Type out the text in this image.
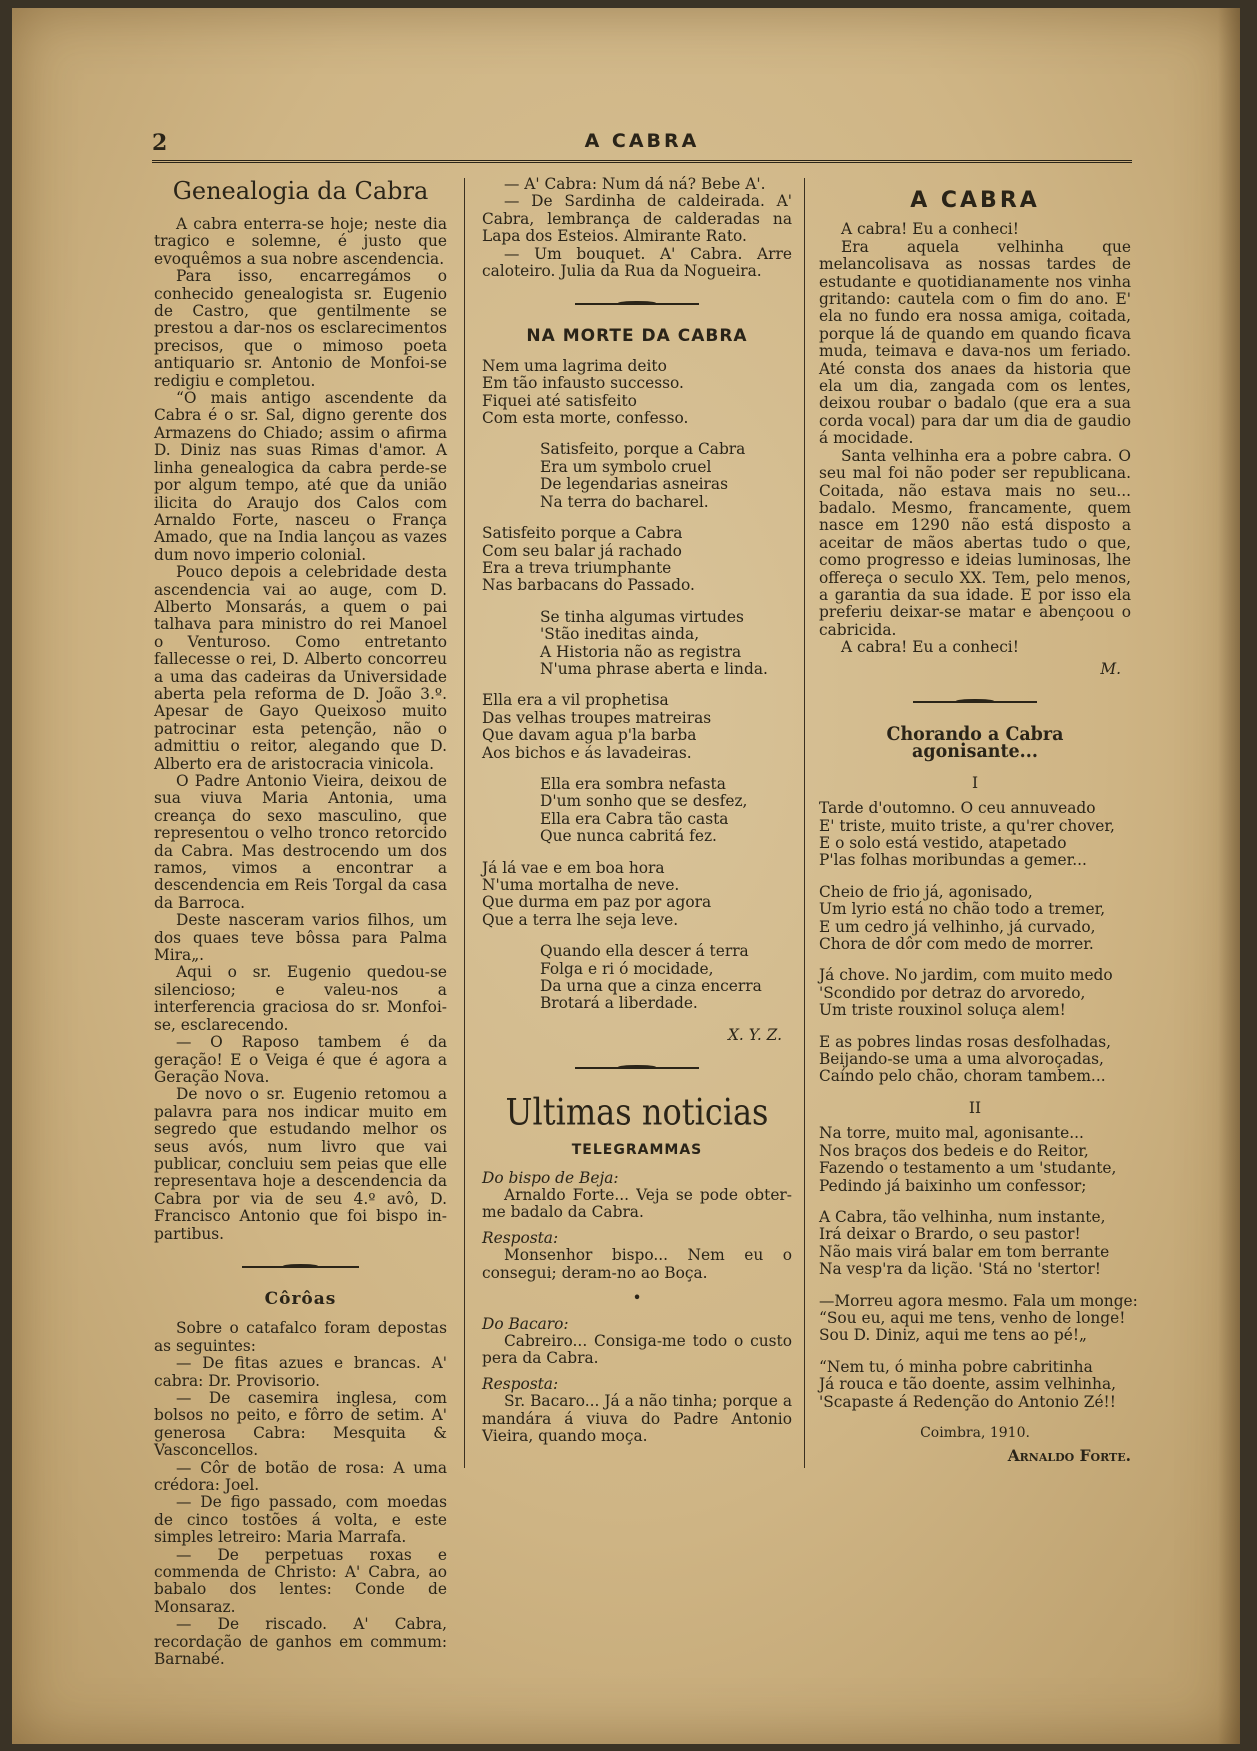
2	A CABRA
Genealogia da Cabra

A cabra enterra-se hoje; neste dia tragico e solemne, é justo que evoquêmos a sua nobre ascendencia.

Para isso, encarregámos o conhecido genealogista sr. Eugenio de Castro, que gentilmente se prestou a dar-nos os esclarecimentos precisos, que o mimoso poeta antiquario sr. Antonio de Monfoi-se redigiu e completou.

“O mais antigo ascendente da Cabra é o sr. Sal, digno gerente dos Armazens do Chiado; assim o afirma D. Diniz nas suas Rimas d'amor. A linha genealogica da cabra perde-se por algum tempo, até que da união ilicita do Araujo dos Calos com Arnaldo Forte, nasceu o França Amado, que na India lançou as vazes dum novo imperio colonial.

Pouco depois a celebridade desta ascendencia vai ao auge, com D. Alberto Monsarás, a quem o pai talhava para ministro do rei Manoel o Venturoso. Como entretanto fallecesse o rei, D. Alberto concorreu a uma das cadeiras da Universidade aberta pela reforma de D. João 3.º. Apesar de Gayo Queixoso muito patrocinar esta petenção, não o admittiu o reitor, alegando que D. Alberto era de aristocracia vinicola.

O Padre Antonio Vieira, deixou de sua viuva Maria Antonia, uma creança do sexo masculino, que representou o velho tronco retorcido da Cabra. Mas destrocendo um dos ramos, vimos a encontrar a descendencia em Reis Torgal da casa da Barroca.

Deste nasceram varios filhos, um dos quaes teve bôssa para Palma Mira„.

Aqui o sr. Eugenio quedou-se silencioso; e valeu-nos a interferencia graciosa do sr. Monfoi-se, esclarecendo.

— O Raposo tambem é da geração! E o Veiga é que é agora a Geração Nova.

De novo o sr. Eugenio retomou a palavra para nos indicar muito em segredo que estudando melhor os seus avós, num livro que vai publicar, concluiu sem peias que elle representava hoje a descendencia da Cabra por via de seu 4.º avô, D. Francisco Antonio que foi bispo in-partibus.

Côrôas

Sobre o catafalco foram depostas as seguintes:

— De fitas azues e brancas. A' cabra: Dr. Provisorio.

— De casemira inglesa, com bolsos no peito, e fôrro de setim. A' generosa Cabra: Mesquita & Vasconcellos.

— Côr de botão de rosa: A uma crédora: Joel.

— De figo passado, com moedas de cinco tostões á volta, e este simples letreiro: Maria Marrafa.

— De perpetuas roxas e commenda de Christo: A' Cabra, ao babalo dos lentes: Conde de Monsaraz.

— De riscado. A' Cabra, recordação de ganhos em commum: Barnabé.

— A' Cabra: Num dá ná? Bebe A'.

— De Sardinha de caldeirada. A' Cabra, lembrança de calderadas na Lapa dos Esteios. Almirante Rato.

— Um bouquet. A' Cabra. Arre caloteiro. Julia da Rua da Nogueira.

NA MORTE DA CABRA
Nem uma lagrima deito
Em tão infausto successo.
Fiquei até satisfeito
Com esta morte, confesso.
Satisfeito, porque a Cabra
Era um symbolo cruel
De legendarias asneiras
Na terra do bacharel.
Satisfeito porque a Cabra
Com seu balar já rachado
Era a treva triumphante
Nas barbacans do Passado.
Se tinha algumas virtudes
'Stão ineditas ainda,
A Historia não as registra
N'uma phrase aberta e linda.
Ella era a vil prophetisa
Das velhas troupes matreiras
Que davam agua p'la barba
Aos bichos e ás lavadeiras.
Ella era sombra nefasta
D'um sonho que se desfez,
Ella era Cabra tão casta
Que nunca cabritá fez.
Já lá vae e em boa hora
N'uma mortalha de neve.
Que durma em paz por agora
Que a terra lhe seja leve.
Quando ella descer á terra
Folga e ri ó mocidade,
Da urna que a cinza encerra
Brotará a liberdade.
X. Y. Z.
Ultimas noticias
TELEGRAMMAS

Do bispo de Beja:

Arnaldo Forte... Veja se pode obter-me badalo da Cabra.

Resposta:

Monsenhor bispo... Nem eu o consegui; deram-no ao Boça.

•

Do Bacaro:

Cabreiro... Consiga-me todo o custo pera da Cabra.

Resposta:

Sr. Bacaro... Já a não tinha; porque a mandára á viuva do Padre Antonio Vieira, quando moça.

A CABRA

A cabra! Eu a conheci!

Era aquela velhinha que melancolisava as nossas tardes de estudante e quotidianamente nos vinha gritando: cautela com o fim do ano. E' ela no fundo era nossa amiga, coitada, porque lá de quando em quando ficava muda, teimava e dava-nos um feriado. Até consta dos anaes da historia que ela um dia, zangada com os lentes, deixou roubar o badalo (que era a sua corda vocal) para dar um dia de gaudio á mocidade.

Santa velhinha era a pobre cabra. O seu mal foi não poder ser republicana. Coitada, não estava mais no seu... badalo. Mesmo, francamente, quem nasce em 1290 não está disposto a aceitar de mãos abertas tudo o que, como progresso e ideias luminosas, lhe offereça o seculo XX. Tem, pelo menos, a garantia da sua idade. E por isso ela preferiu deixar-se matar e abençoou o cabricida.

A cabra! Eu a conheci!

M.
Chorando a Cabra agonisante...
I
Tarde d'outomno. O ceu annuveado
E' triste, muito triste, a qu'rer chover,
E o solo está vestido, atapetado
P'las folhas moribundas a gemer...
Cheio de frio já, agonisado,
Um lyrio está no chão todo a tremer,
E um cedro já velhinho, já curvado,
Chora de dôr com medo de morrer.
Já chove. No jardim, com muito medo
'Scondido por detraz do arvoredo,
Um triste rouxinol soluça alem!
E as pobres lindas rosas desfolhadas,
Beijando-se uma a uma alvoroçadas,
Caíndo pelo chão, choram tambem...
II
Na torre, muito mal, agonisante...
Nos braços dos bedeis e do Reitor,
Fazendo o testamento a um 'studante,
Pedindo já baixinho um confessor;
A Cabra, tão velhinha, num instante,
Irá deixar o Brardo, o seu pastor!
Não mais virá balar em tom berrante
Na vesp'ra da lição. 'Stá no 'stertor!
—Morreu agora mesmo. Fala um monge:
“Sou eu, aqui me tens, venho de longe!
Sou D. Diniz, aqui me tens ao pé!„
“Nem tu, ó minha pobre cabritinha
Já rouca e tão doente, assim velhinha,
'Scapaste á Redenção do Antonio Zé!!
Coimbra, 1910.
Arnaldo Forte.
